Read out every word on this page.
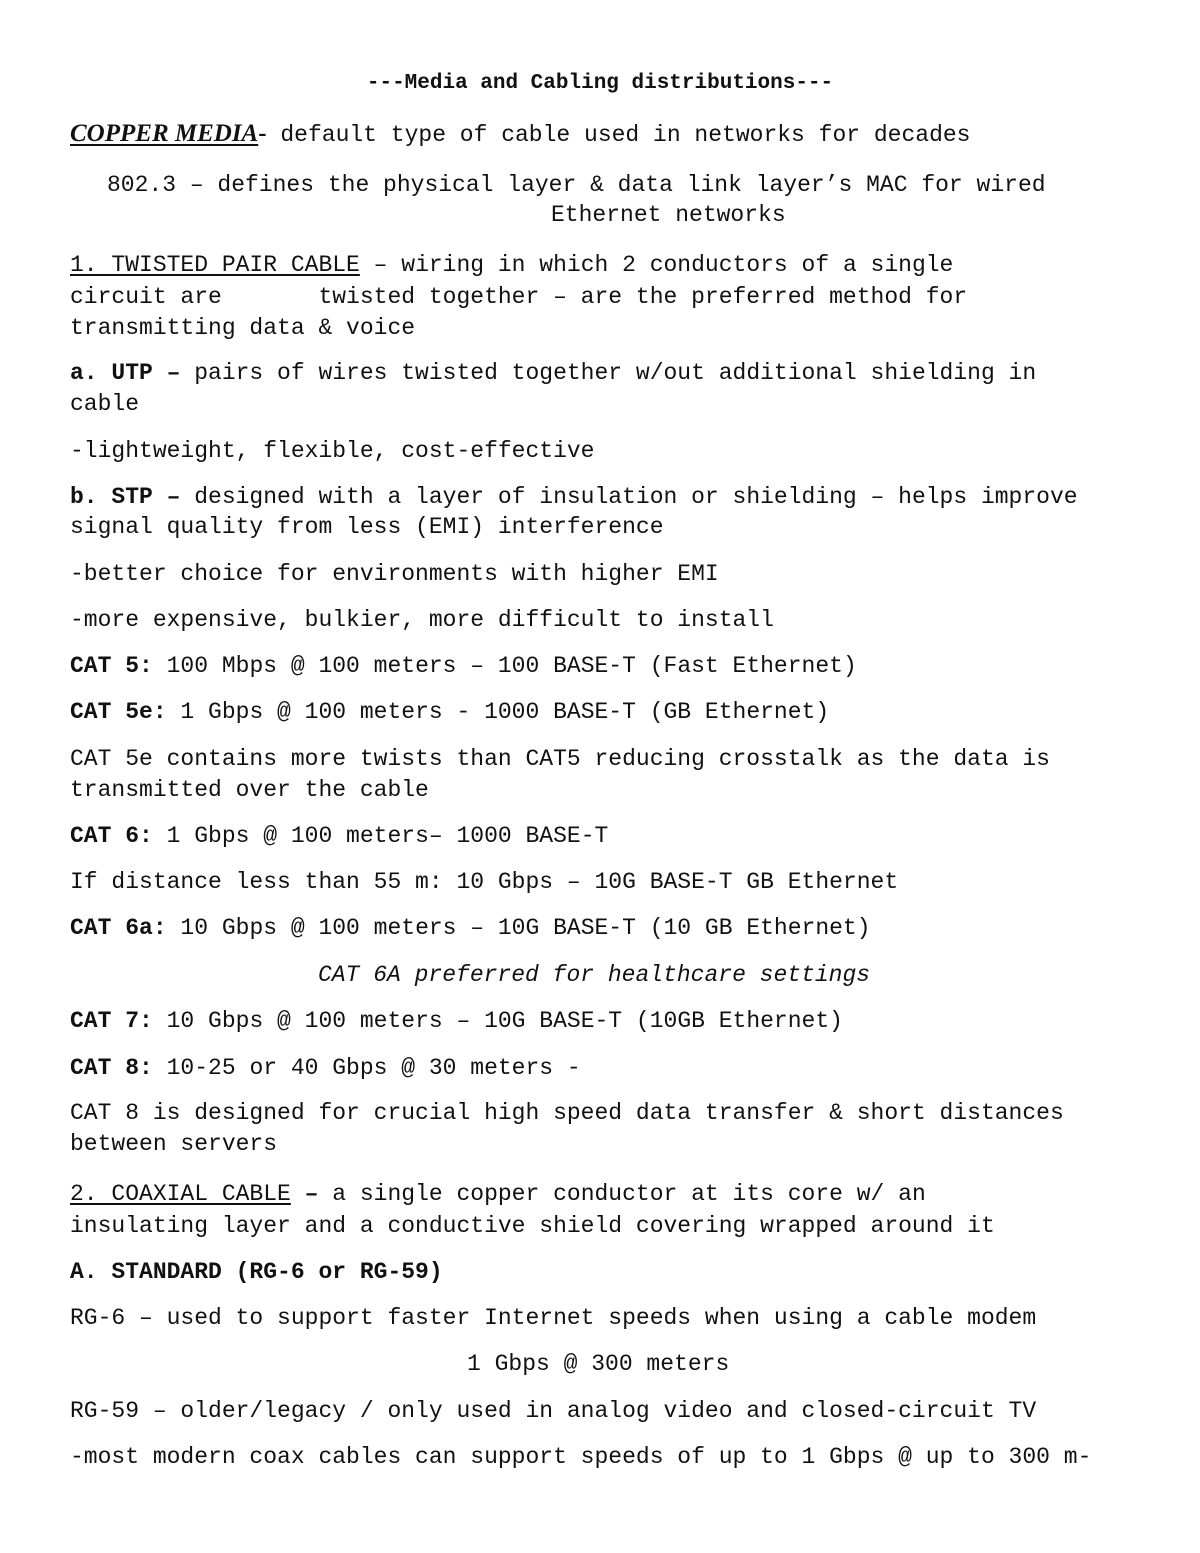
---Media and Cabling distributions---
COPPER MEDIA- default type of cable used in networks for decades
802.3 – defines the physical layer & data link layer’s MAC for wired
Ethernet networks
1. TWISTED PAIR CABLE – wiring in which 2 conductors of a single
circuit are       twisted together – are the preferred method for
transmitting data & voice
a. UTP – pairs of wires twisted together w/out additional shielding in
cable
-lightweight, flexible, cost-effective
b. STP – designed with a layer of insulation or shielding – helps improve
signal quality from less (EMI) interference
-better choice for environments with higher EMI
-more expensive, bulkier, more difficult to install
CAT 5: 100 Mbps @ 100 meters – 100 BASE-T (Fast Ethernet)
CAT 5e: 1 Gbps @ 100 meters - 1000 BASE-T (GB Ethernet)
CAT 5e contains more twists than CAT5 reducing crosstalk as the data is
transmitted over the cable
CAT 6: 1 Gbps @ 100 meters– 1000 BASE-T
If distance less than 55 m: 10 Gbps – 10G BASE-T GB Ethernet
CAT 6a: 10 Gbps @ 100 meters – 10G BASE-T (10 GB Ethernet)
CAT 6A preferred for healthcare settings
CAT 7: 10 Gbps @ 100 meters – 10G BASE-T (10GB Ethernet)
CAT 8: 10-25 or 40 Gbps @ 30 meters -
CAT 8 is designed for crucial high speed data transfer & short distances
between servers
2. COAXIAL CABLE – a single copper conductor at its core w/ an
insulating layer and a conductive shield covering wrapped around it
A. STANDARD (RG-6 or RG-59)
RG-6 – used to support faster Internet speeds when using a cable modem
1 Gbps @ 300 meters
RG-59 – older/legacy / only used in analog video and closed-circuit TV
-most modern coax cables can support speeds of up to 1 Gbps @ up to 300 m-
